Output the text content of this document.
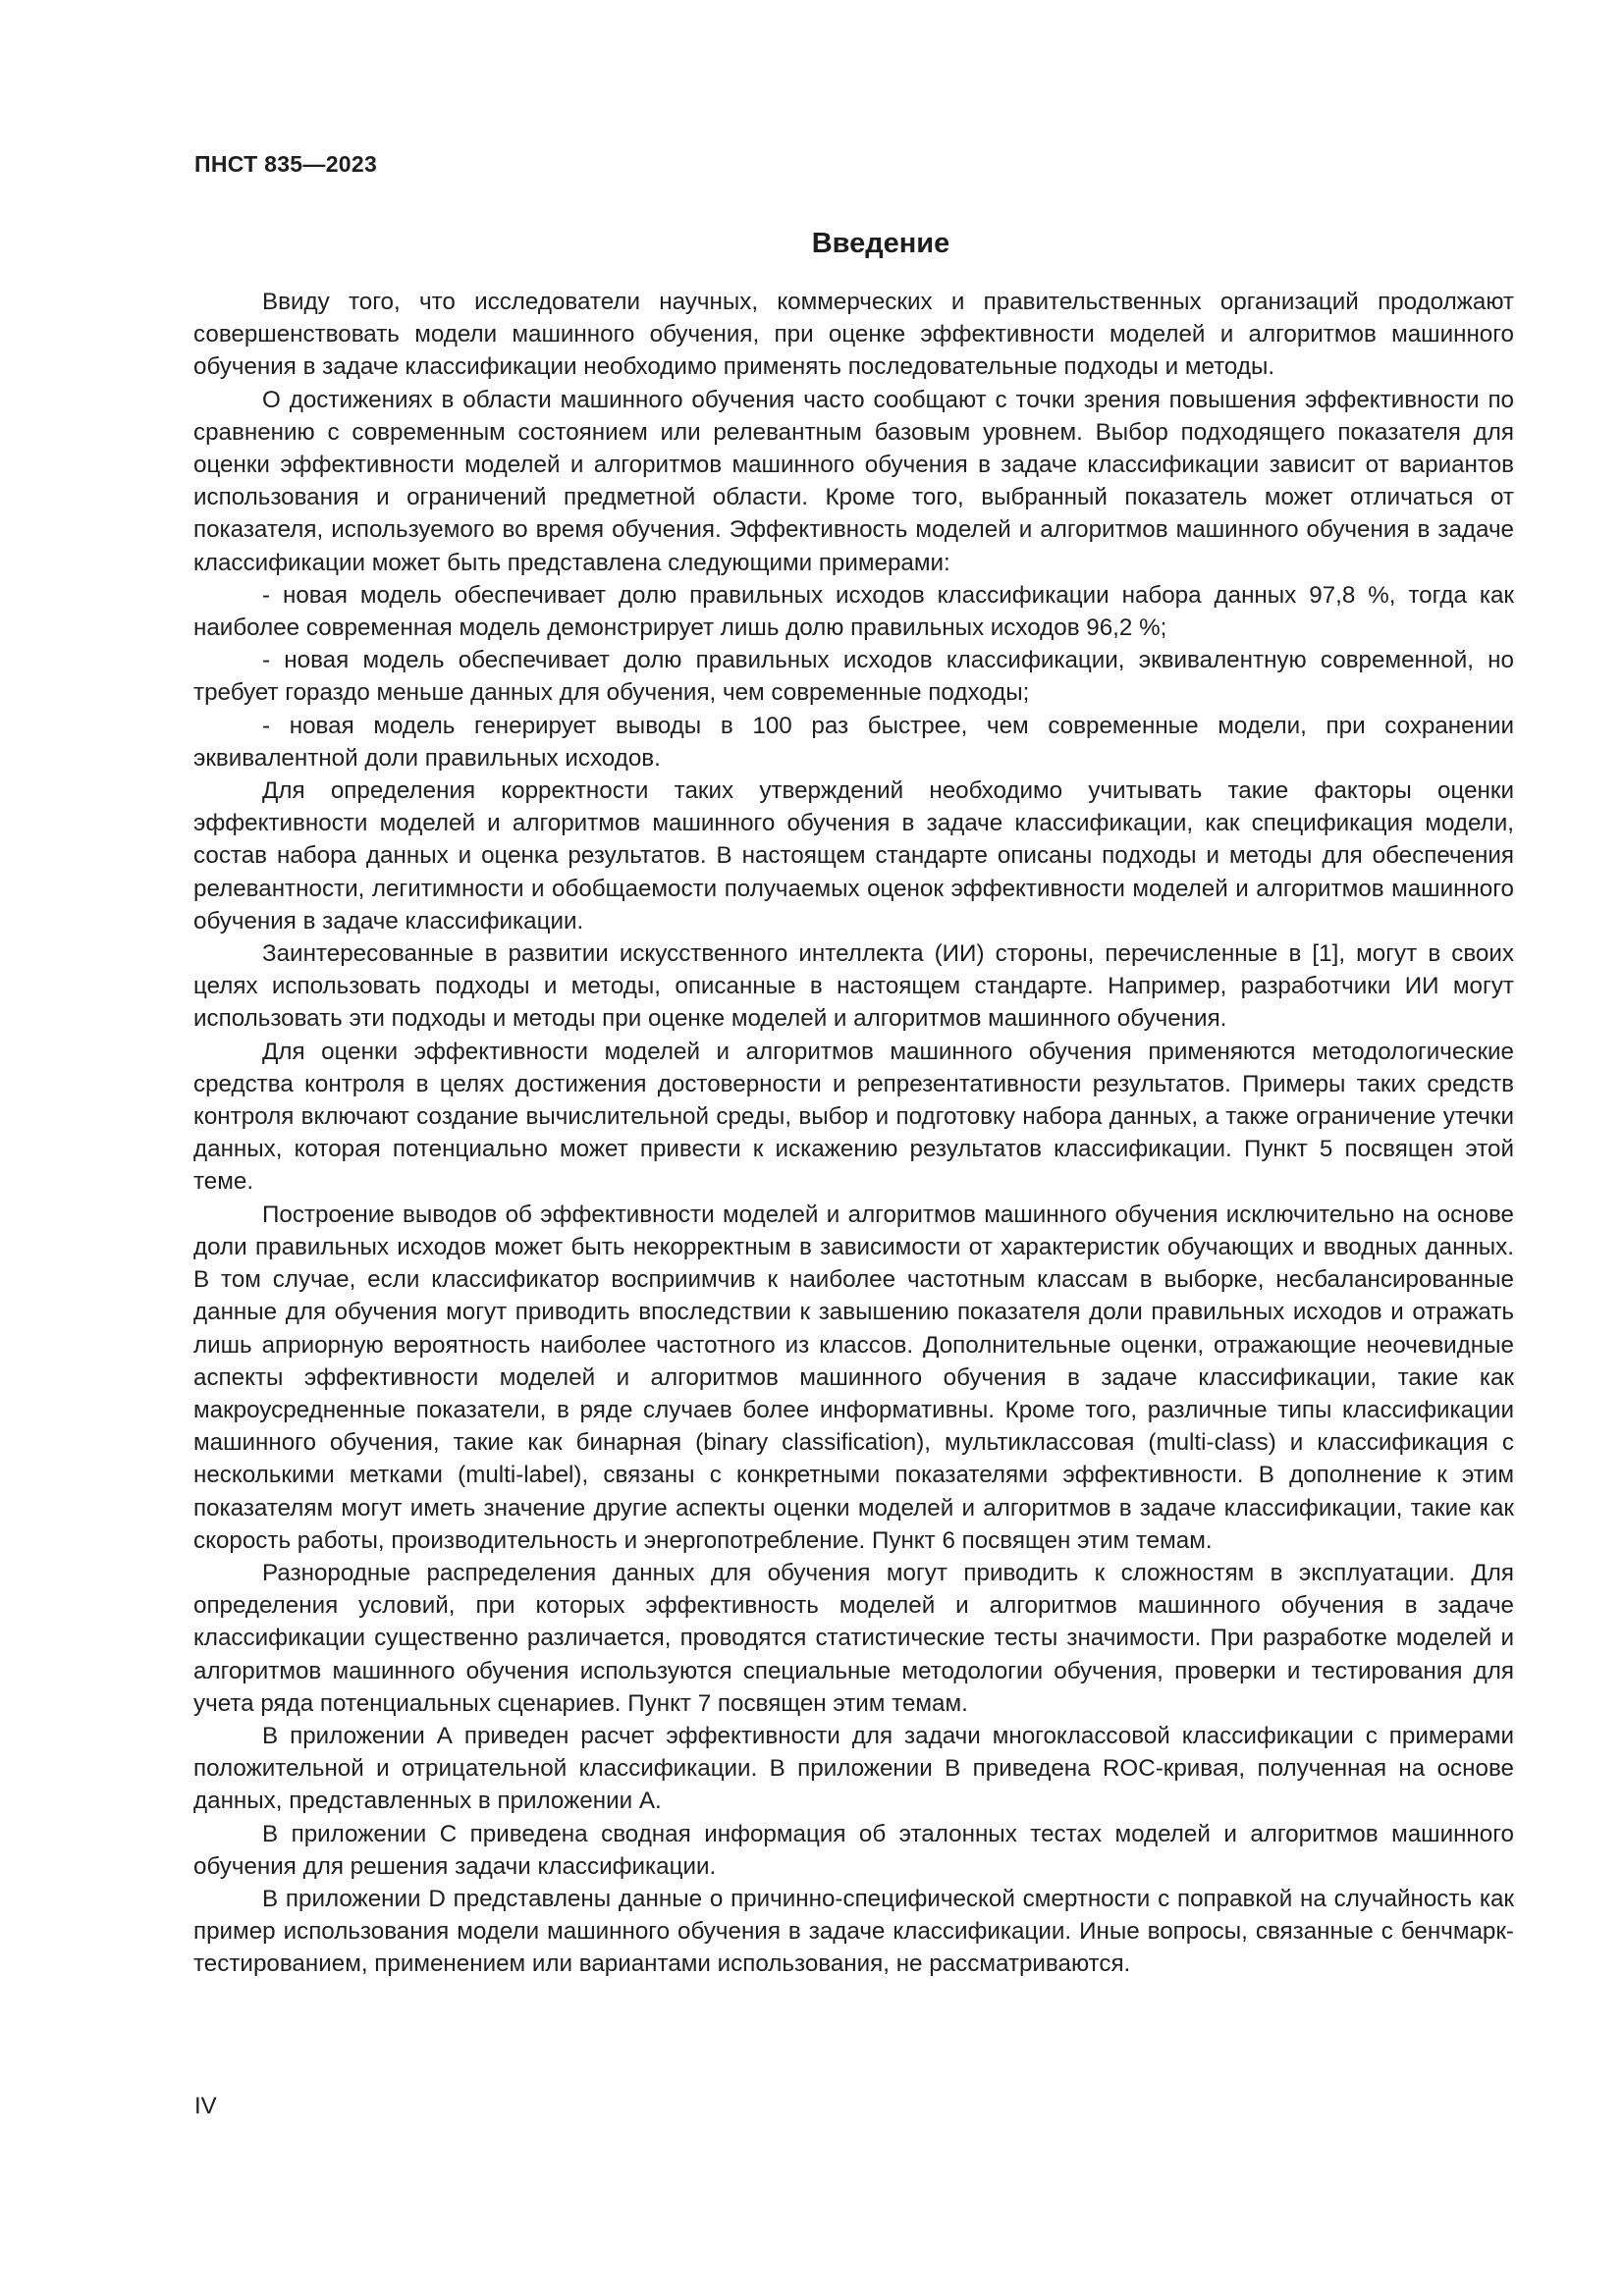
ПНСТ 835—2023
Введение

Ввиду того, что исследователи научных, коммерческих и правительственных организаций продолжают совершенствовать модели машинного обучения, при оценке эффективности моделей и алгоритмов машинного обучения в задаче классификации необходимо применять последовательные подходы и методы.

О достижениях в области машинного обучения часто сообщают с точки зрения повышения эффективности по сравнению с современным состоянием или релевантным базовым уровнем. Выбор подходящего показателя для оценки эффективности моделей и алгоритмов машинного обучения в задаче классификации зависит от вариантов использования и ограничений предметной области. Кроме того, выбранный показатель может отличаться от показателя, используемого во время обучения. Эффективность моделей и алгоритмов машинного обучения в задаче классификации может быть представлена следующими примерами:

- новая модель обеспечивает долю правильных исходов классификации набора данных 97,8 %, тогда как наиболее современная модель демонстрирует лишь долю правильных исходов 96,2 %;

- новая модель обеспечивает долю правильных исходов классификации, эквивалентную современной, но требует гораздо меньше данных для обучения, чем современные подходы;

- новая модель генерирует выводы в 100 раз быстрее, чем современные модели, при сохранении эквивалентной доли правильных исходов.

Для определения корректности таких утверждений необходимо учитывать такие факторы оценки эффективности моделей и алгоритмов машинного обучения в задаче классификации, как спецификация модели, состав набора данных и оценка результатов. В настоящем стандарте описаны подходы и методы для обеспечения релевантности, легитимности и обобщаемости получаемых оценок эффективности моделей и алгоритмов машинного обучения в задаче классификации.

Заинтересованные в развитии искусственного интеллекта (ИИ) стороны, перечисленные в [1], могут в своих целях использовать подходы и методы, описанные в настоящем стандарте. Например, разработчики ИИ могут использовать эти подходы и методы при оценке моделей и алгоритмов машинного обучения.

Для оценки эффективности моделей и алгоритмов машинного обучения применяются методологические средства контроля в целях достижения достоверности и репрезентативности результатов. Примеры таких средств контроля включают создание вычислительной среды, выбор и подготовку набора данных, а также ограничение утечки данных, которая потенциально может привести к искажению результатов классификации. Пункт 5 посвящен этой теме.

Построение выводов об эффективности моделей и алгоритмов машинного обучения исключительно на основе доли правильных исходов может быть некорректным в зависимости от характеристик обучающих и вводных данных. В том случае, если классификатор восприимчив к наиболее частотным классам в выборке, несбалансированные данные для обучения могут приводить впоследствии к завышению показателя доли правильных исходов и отражать лишь априорную вероятность наиболее частотного из классов. Дополнительные оценки, отражающие неочевидные аспекты эффективности моделей и алгоритмов машинного обучения в задаче классификации, такие как макроусредненные показатели, в ряде случаев более информативны. Кроме того, различные типы классификации машинного обучения, такие как бинарная (binary classification), мультиклассовая (multi-class) и классификация с несколькими метками (multi-label), связаны с конкретными показателями эффективности. В дополнение к этим показателям могут иметь значение другие аспекты оценки моделей и алгоритмов в задаче классификации, такие как скорость работы, производительность и энергопотребление. Пункт 6 посвящен этим темам.

Разнородные распределения данных для обучения могут приводить к сложностям в эксплуатации. Для определения условий, при которых эффективность моделей и алгоритмов машинного обучения в задаче классификации существенно различается, проводятся статистические тесты значимости. При разработке моделей и алгоритмов машинного обучения используются специальные методологии обучения, проверки и тестирования для учета ряда потенциальных сценариев. Пункт 7 посвящен этим темам.

В приложении А приведен расчет эффективности для задачи многоклассовой классификации с примерами положительной и отрицательной классификации. В приложении В приведена ROC-кривая, полученная на основе данных, представленных в приложении А.

В приложении С приведена сводная информация об эталонных тестах моделей и алгоритмов машинного обучения для решения задачи классификации.

В приложении D представлены данные о причинно-специфической смертности с поправкой на случайность как пример использования модели машинного обучения в задаче классификации. Иные вопросы, связанные с бенчмарк-тестированием, применением или вариантами использования, не рассматриваются.

IV
